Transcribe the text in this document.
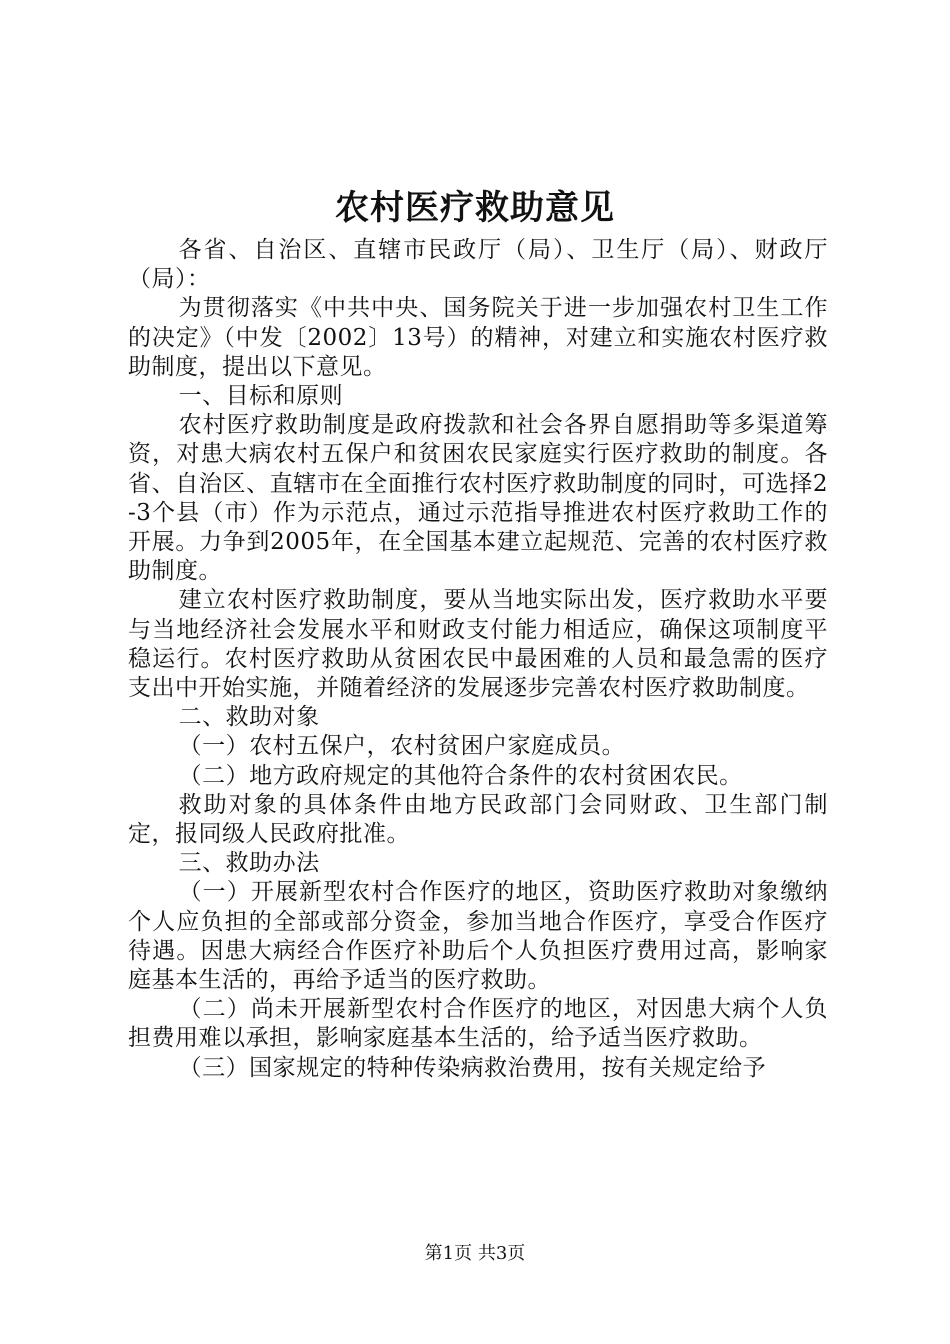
农村医疗救助意见

各省、自治区、直辖市民政厅（局）、卫生厅（局）、财政厅（局）：

为贯彻落实《中共中央、国务院关于进一步加强农村卫生工作的决定》（中发〔2002〕13号）的精神，对建立和实施农村医疗救助制度，提出以下意见。

一、目标和原则

农村医疗救助制度是政府拨款和社会各界自愿捐助等多渠道筹资，对患大病农村五保户和贫困农民家庭实行医疗救助的制度。各省、自治区、直辖市在全面推行农村医疗救助制度的同时，可选择2-3个县（市）作为示范点，通过示范指导推进农村医疗救助工作的开展。力争到2005年，在全国基本建立起规范、完善的农村医疗救助制度。

建立农村医疗救助制度，要从当地实际出发，医疗救助水平要与当地经济社会发展水平和财政支付能力相适应，确保这项制度平稳运行。农村医疗救助从贫困农民中最困难的人员和最急需的医疗支出中开始实施，并随着经济的发展逐步完善农村医疗救助制度。

二、救助对象

（一）农村五保户，农村贫困户家庭成员。

（二）地方政府规定的其他符合条件的农村贫困农民。

救助对象的具体条件由地方民政部门会同财政、卫生部门制定，报同级人民政府批准。

三、救助办法

（一）开展新型农村合作医疗的地区，资助医疗救助对象缴纳个人应负担的全部或部分资金，参加当地合作医疗，享受合作医疗待遇。因患大病经合作医疗补助后个人负担医疗费用过高，影响家庭基本生活的，再给予适当的医疗救助。

（二）尚未开展新型农村合作医疗的地区，对因患大病个人负担费用难以承担，影响家庭基本生活的，给予适当医疗救助。

（三）国家规定的特种传染病救治费用，按有关规定给予

第1页 共3页
